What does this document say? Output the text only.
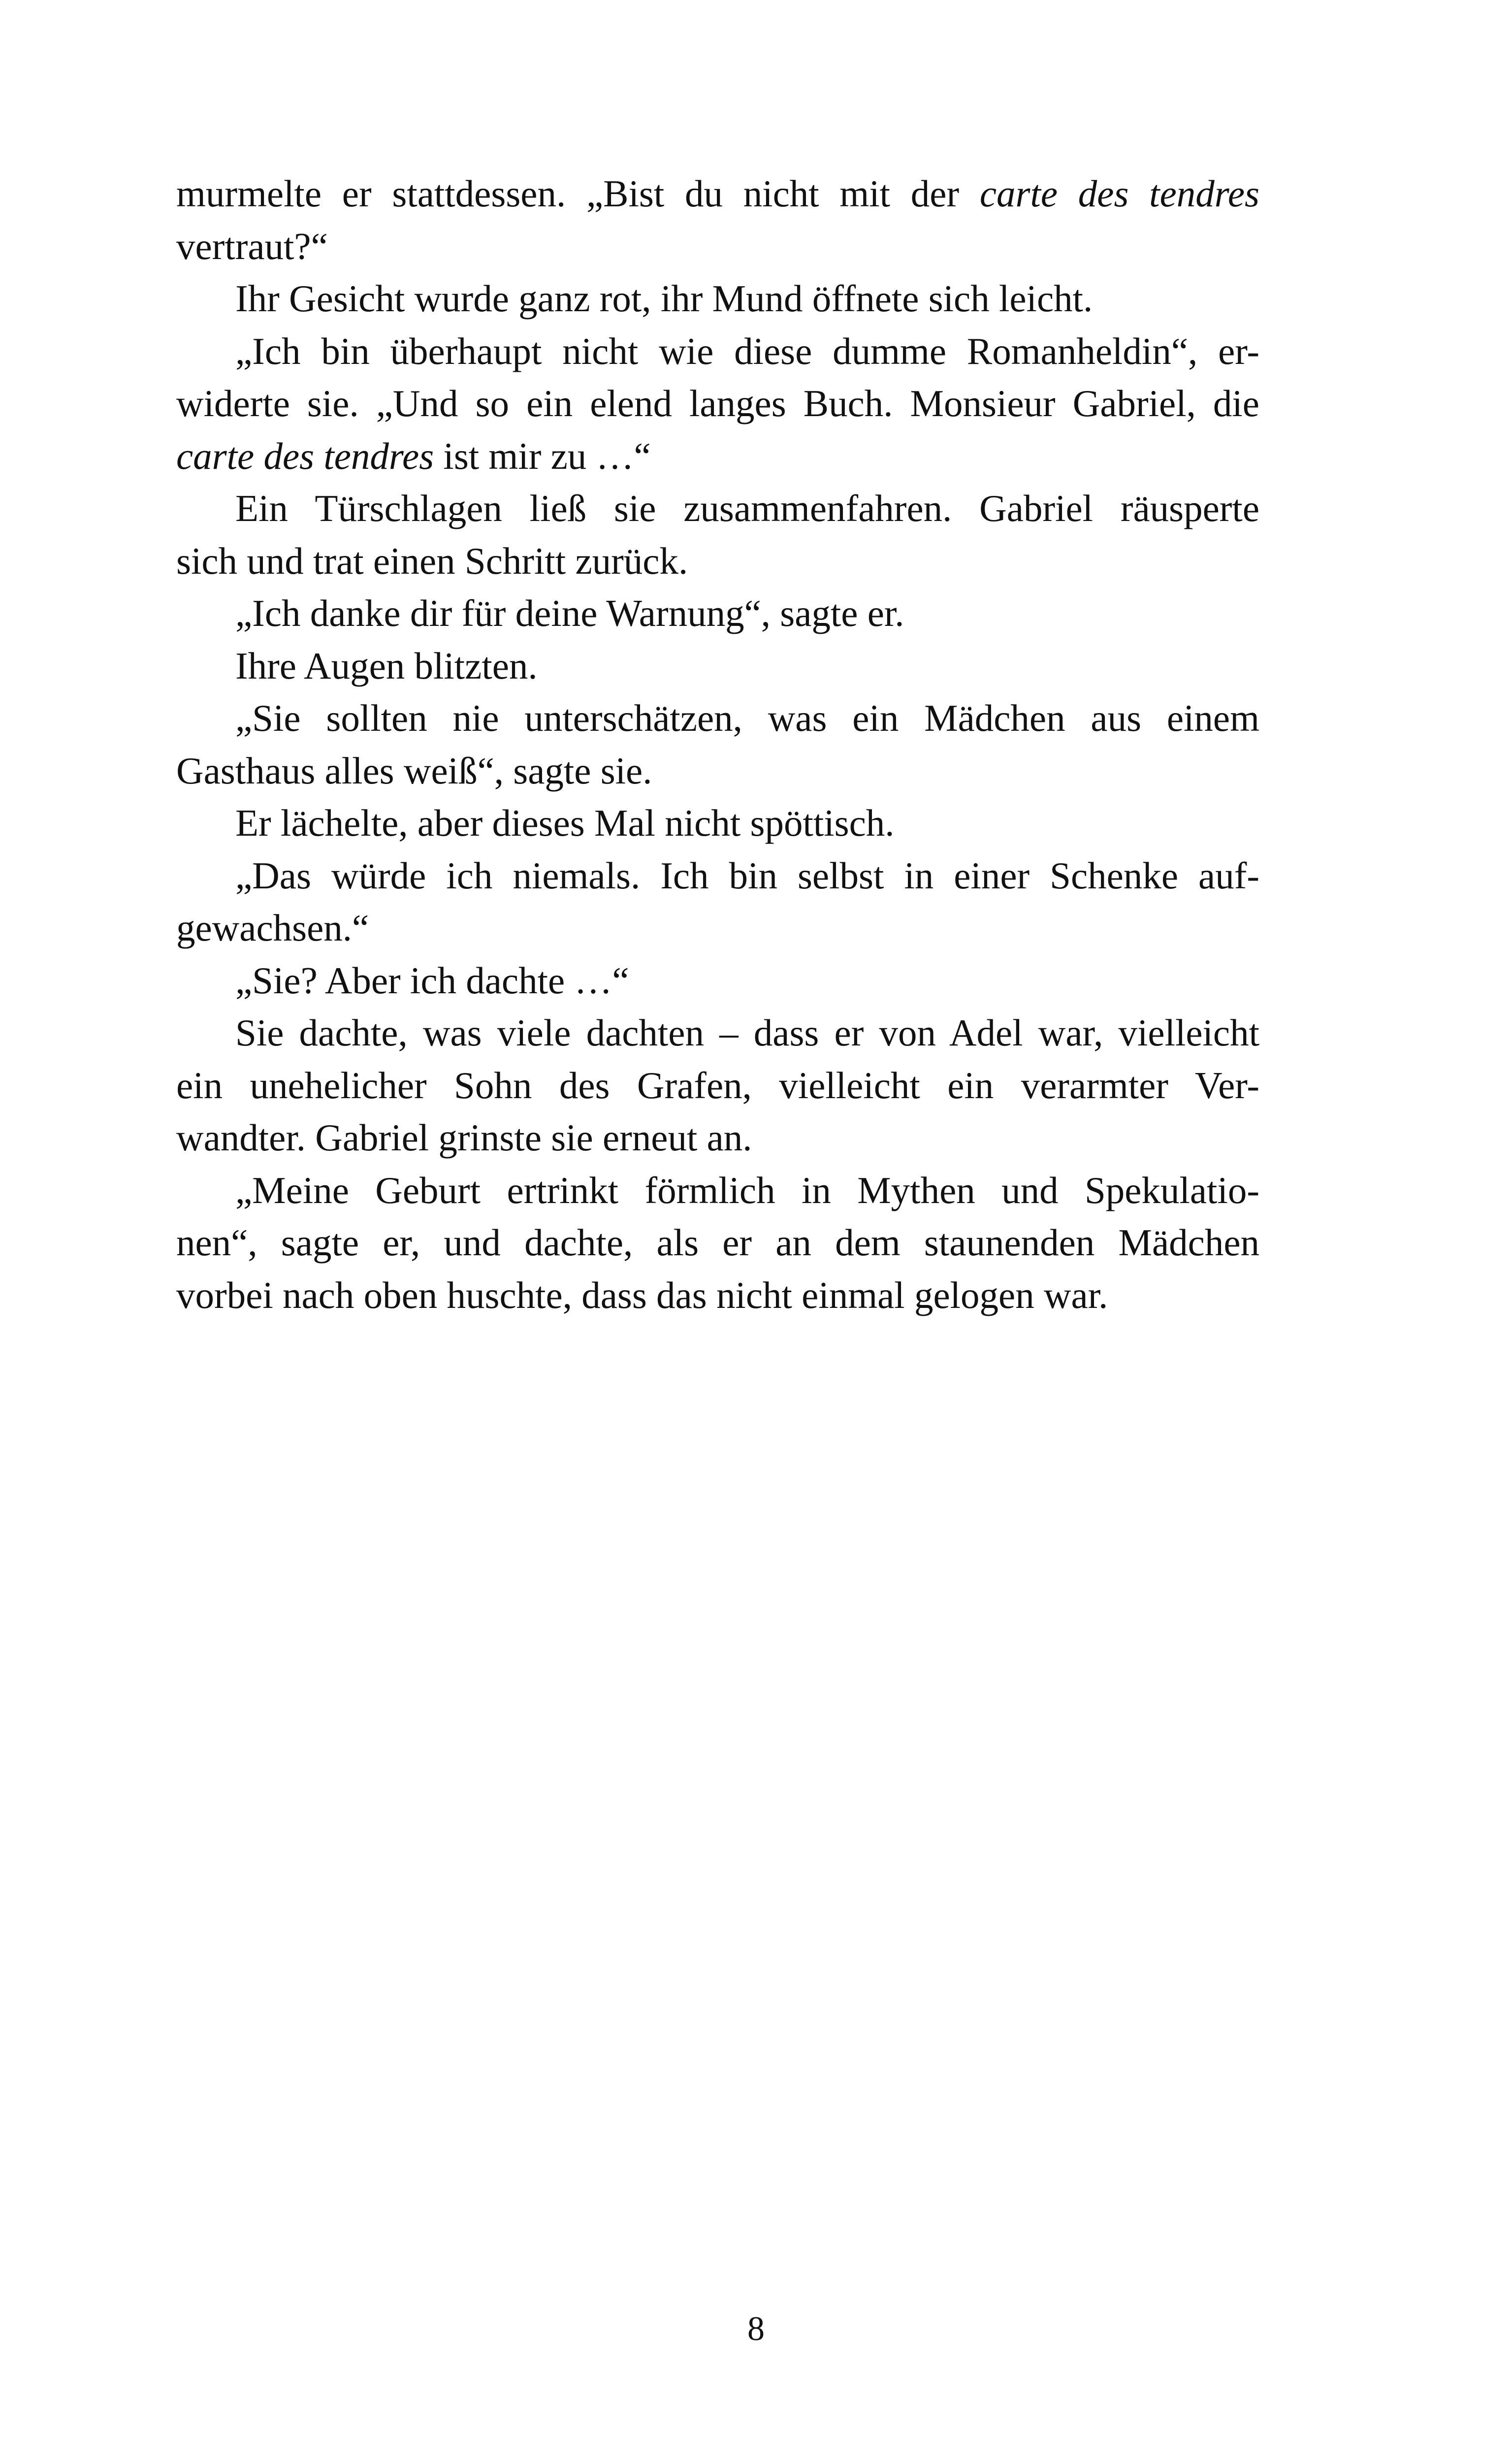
murmelte er stattdessen. „Bist du nicht mit der carte des tendres
vertraut?“
Ihr Gesicht wurde ganz rot, ihr Mund öffnete sich leicht.
„Ich bin überhaupt nicht wie diese dumme Romanheldin“, er-
widerte sie. „Und so ein elend langes Buch. Monsieur Gabriel, die
carte des tendres ist mir zu …“
Ein Türschlagen ließ sie zusammenfahren. Gabriel räusperte
sich und trat einen Schritt zurück.
„Ich danke dir für deine Warnung“, sagte er.
Ihre Augen blitzten.
„Sie sollten nie unterschätzen, was ein Mädchen aus einem
Gasthaus alles weiß“, sagte sie.
Er lächelte, aber dieses Mal nicht spöttisch.
„Das würde ich niemals. Ich bin selbst in einer Schenke auf-
gewachsen.“
„Sie? Aber ich dachte …“
Sie dachte, was viele dachten – dass er von Adel war, vielleicht
ein unehelicher Sohn des Grafen, vielleicht ein verarmter Ver-
wandter. Gabriel grinste sie erneut an.
„Meine Geburt ertrinkt förmlich in Mythen und Spekulatio-
nen“, sagte er, und dachte, als er an dem staunenden Mädchen
vorbei nach oben huschte, dass das nicht einmal gelogen war.
8
